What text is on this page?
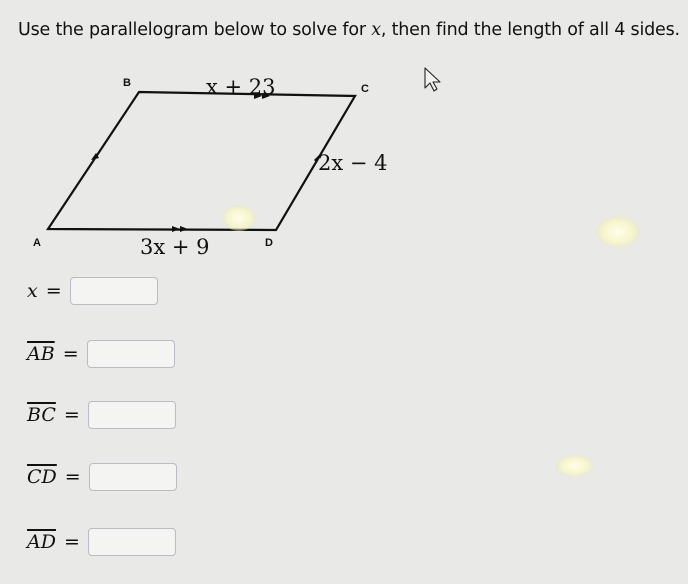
Use the parallelogram below to solve for x, then find the length of all 4 sides.
B	C
A	D
x + 23
2x − 4
3x + 9
x =
$\overline{AB}$ =
$\overline{BC}$ =
$\overline{CD}$ =
$\overline{AD}$ =
